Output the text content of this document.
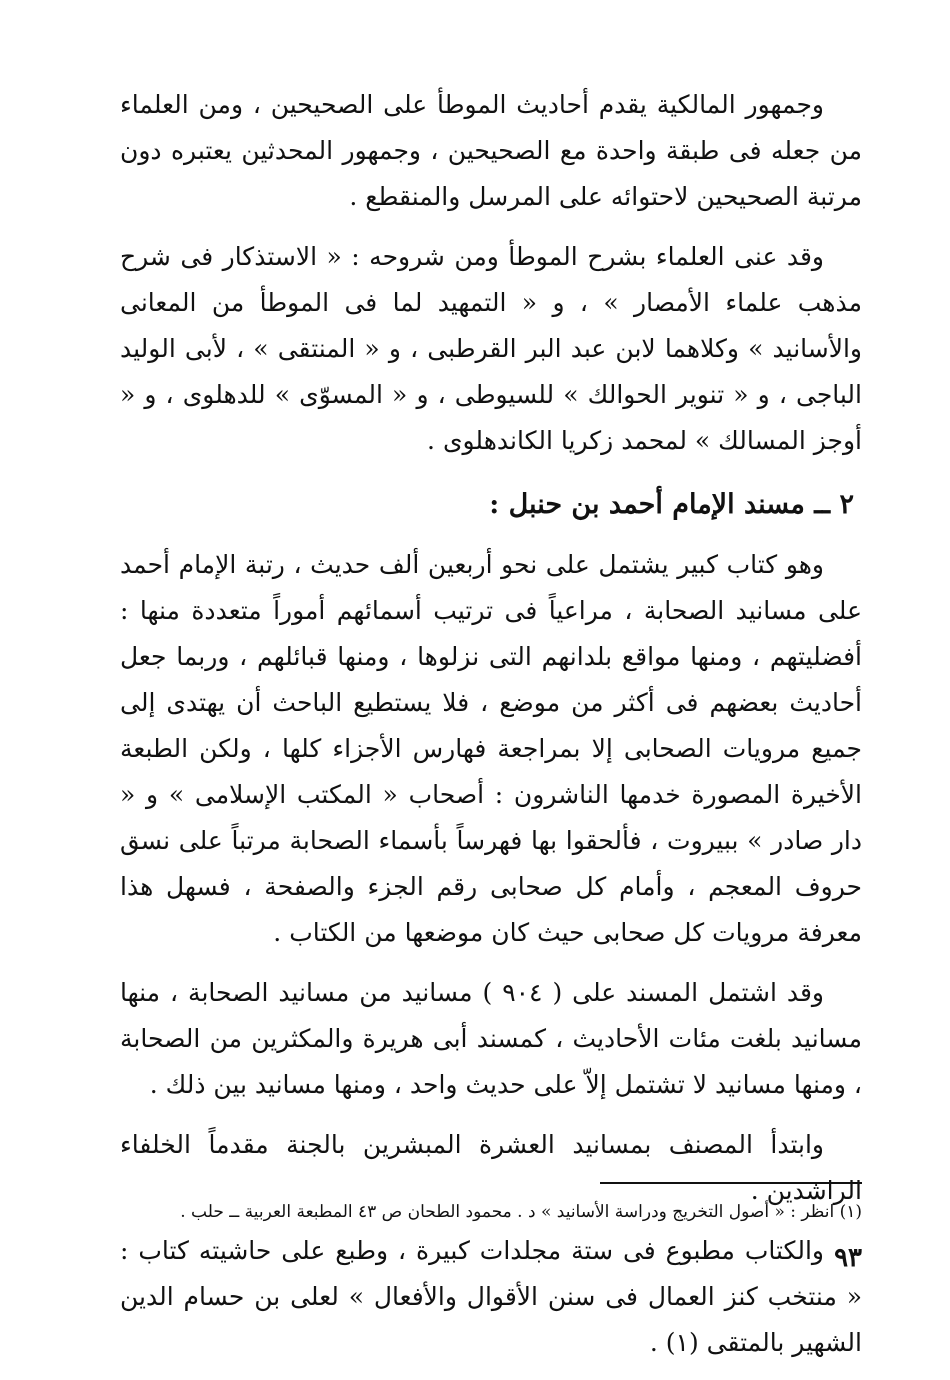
وجمهور المالكية يقدم أحاديث الموطأ على الصحيحين ، ومن العلماء من جعله فى طبقة واحدة مع الصحيحين ، وجمهور المحدثين يعتبره دون مرتبة الصحيحين لاحتوائه على المرسل والمنقطع .

وقد عنى العلماء بشرح الموطأ ومن شروحه : « الاستذكار فى شرح مذهب علماء الأمصار » ، و « التمهيد لما فى الموطأ من المعانى والأسانيد » وكلاهما لابن عبد البر القرطبى ، و « المنتقى » ، لأبى الوليد الباجى ، و « تنوير الحوالك » للسيوطى ، و « المسوّى » للدهلوى ، و « أوجز المسالك » لمحمد زكريا الكاندهلوى .

٢ ــ مسند الإمام أحمد بن حنبل :

وهو كتاب كبير يشتمل على نحو أربعين ألف حديث ، رتبة الإمام أحمد على مسانيد الصحابة ، مراعياً فى ترتيب أسمائهم أموراً متعددة منها : أفضليتهم ، ومنها مواقع بلدانهم التى نزلوها ، ومنها قبائلهم ، وربما جعل أحاديث بعضهم فى أكثر من موضع ، فلا يستطيع الباحث أن يهتدى إلى جميع مرويات الصحابى إلا بمراجعة فهارس الأجزاء كلها ، ولكن الطبعة الأخيرة المصورة خدمها الناشرون : أصحاب « المكتب الإسلامى » و « دار صادر » ببيروت ، فألحقوا بها فهرساً بأسماء الصحابة مرتباً على نسق حروف المعجم ، وأمام كل صحابى رقم الجزء والصفحة ، فسهل هذا معرفة مرويات كل صحابى حيث كان موضعها من الكتاب .

وقد اشتمل المسند على ( ٩٠٤ ) مسانيد من مسانيد الصحابة ، منها مسانيد بلغت مئات الأحاديث ، كمسند أبى هريرة والمكثرين من الصحابة ، ومنها مسانيد لا تشتمل إلاّ على حديث واحد ، ومنها مسانيد بين ذلك .

وابتدأ المصنف بمسانيد العشرة المبشرين بالجنة مقدماً الخلفاء الراشدين .

والكتاب مطبوع فى ستة مجلدات كبيرة ، وطبع على حاشيته كتاب : « منتخب كنز العمال فى سنن الأقوال والأفعال » لعلى بن حسام الدين الشهير بالمتقى (١) .

(١) انظر : « أصول التخريج ودراسة الأسانيد » د . محمود الطحان ص ٤٣ المطبعة العربية ــ حلب .

٩٣
